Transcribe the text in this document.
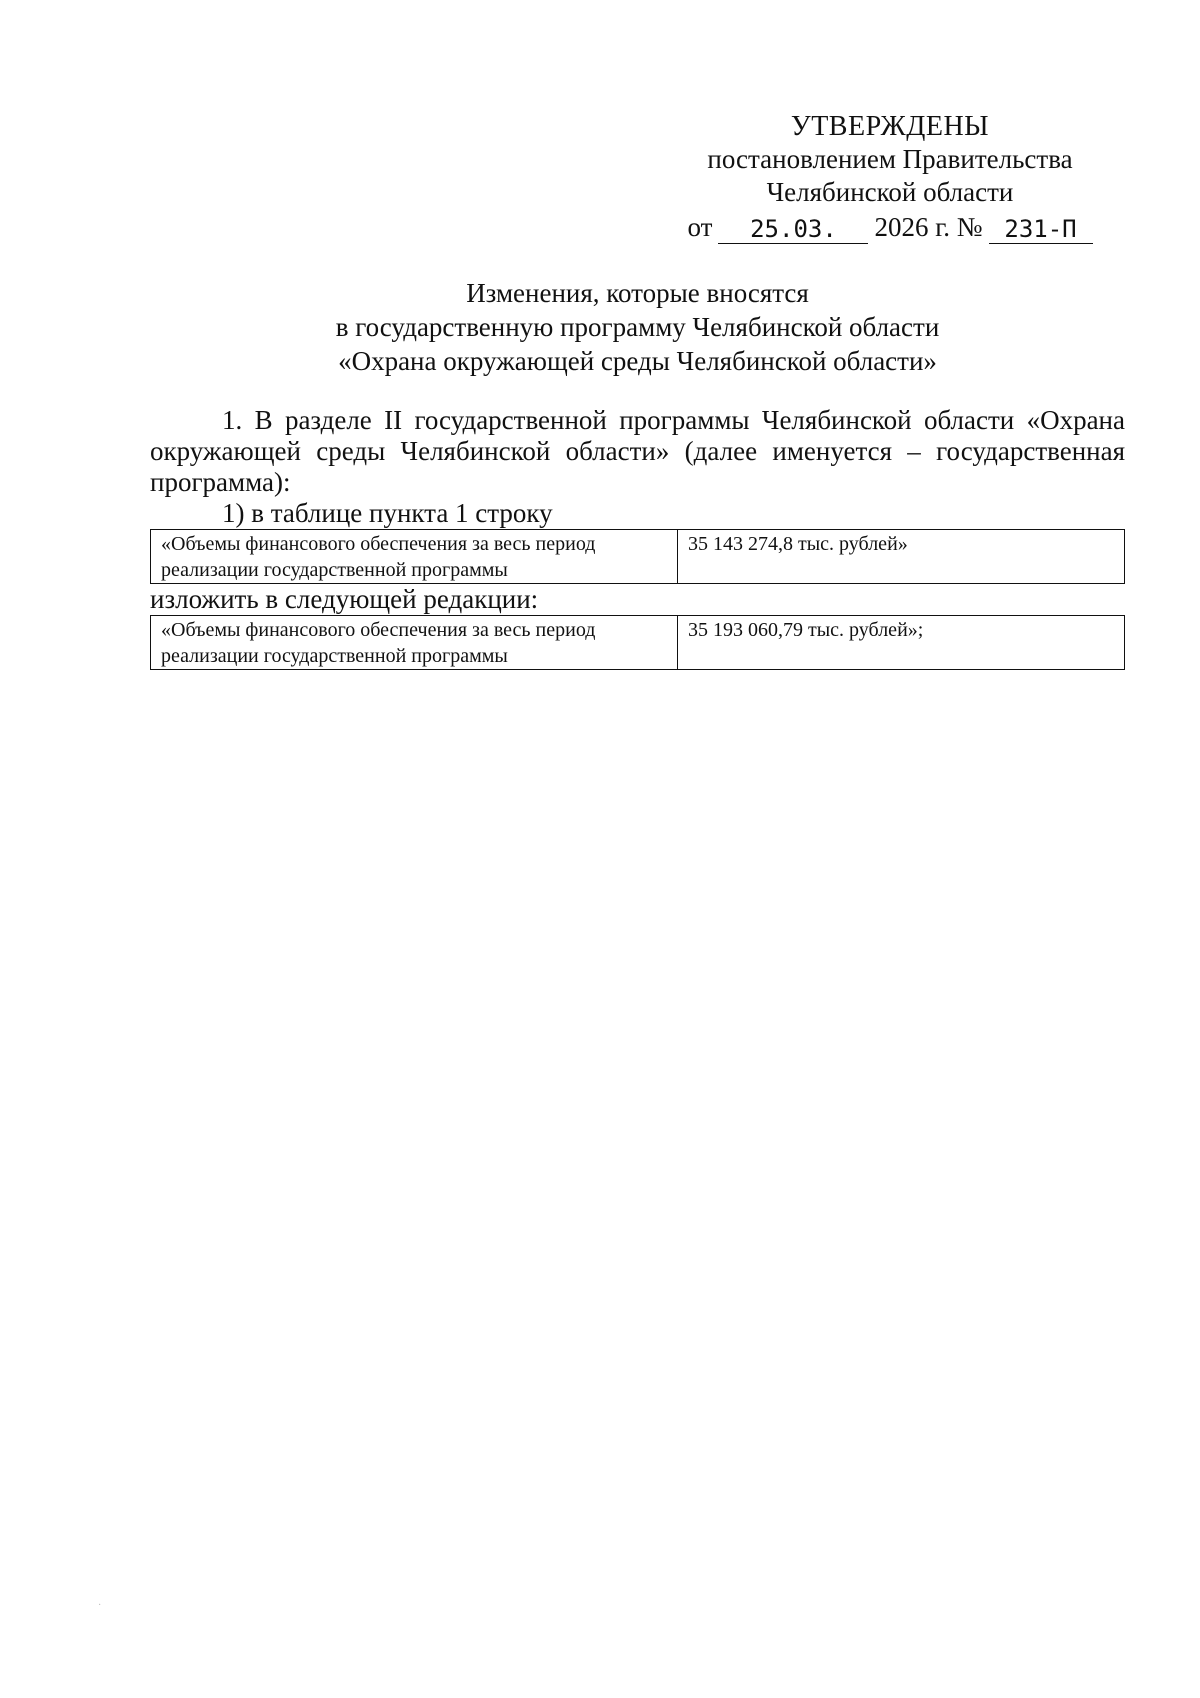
УТВЕРЖДЕНЫ
постановлением Правительства
Челябинской области
от	25.03.	2026 г. № 231-П
Изменения, которые вносятся
в государственную программу Челябинской области
«Охрана окружающей среды Челябинской области»

1. В разделе II государственной программы Челябинской области «Охрана окружающей среды Челябинской области» (далее именуется – государственная программа):

1) в таблице пункта 1 строку

«Объемы финансового обеспечения за весь период реализации государственной программы	35 143 274,8 тыс. рублей»

изложить в следующей редакции:

«Объемы финансового обеспечения за весь период реализации государственной программы	35 193 060,79 тыс. рублей»;
·
